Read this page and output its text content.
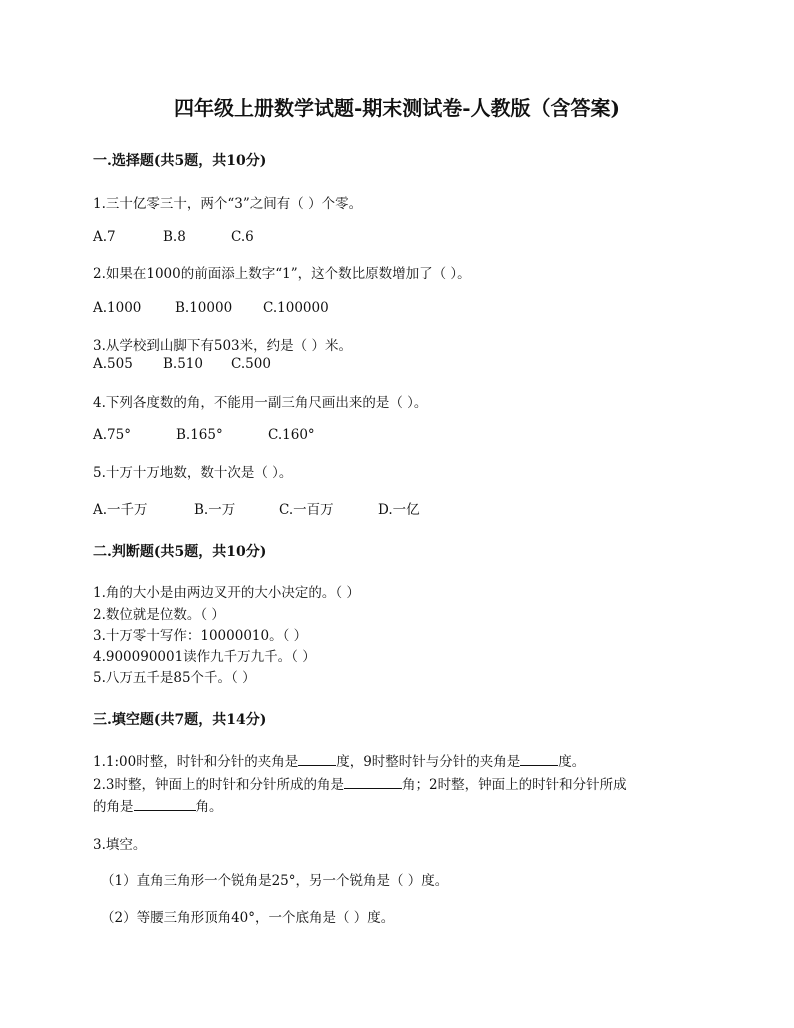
四年级上册数学试题-期末测试卷-人教版（含答案)
一.选择题(共5题，共10分)
1.三十亿零三十，两个“3”之间有（ ）个零。
A.7	B.8	C.6
2.如果在1000的前面添上数字“1”，这个数比原数增加了（ ）。
A.1000 B.10000 C.100000
3.从学校到山脚下有503米，约是（ ）米。
A.505 B.510 C.500
4.下列各度数的角，不能用一副三角尺画出来的是（ ）。
A.75°	B.165°	C.160°
5.十万十万地数，数十次是（ ）。
A.一千万	B.一万	C.一百万	D.一亿
二.判断题(共5题，共10分)
1.角的大小是由两边叉开的大小决定的。（ ）
2.数位就是位数。（ ）
3.十万零十写作：10000010。（ ）
4.900090001读作九千万九千。（ ）
5.八万五千是85个千。（ ）
三.填空题(共7题，共14分)
1.1:00时整，时针和分针的夹角是	度，9时整时针与分针的夹角是	度。
2.3时整，钟面上的时针和分针所成的角是	角；2时整，钟面上的时针和分针所成
的角是	角。
3.填空。
（1）直角三角形一个锐角是25°，另一个锐角是（ ）度。
（2）等腰三角形顶角40°，一个底角是（ ）度。
